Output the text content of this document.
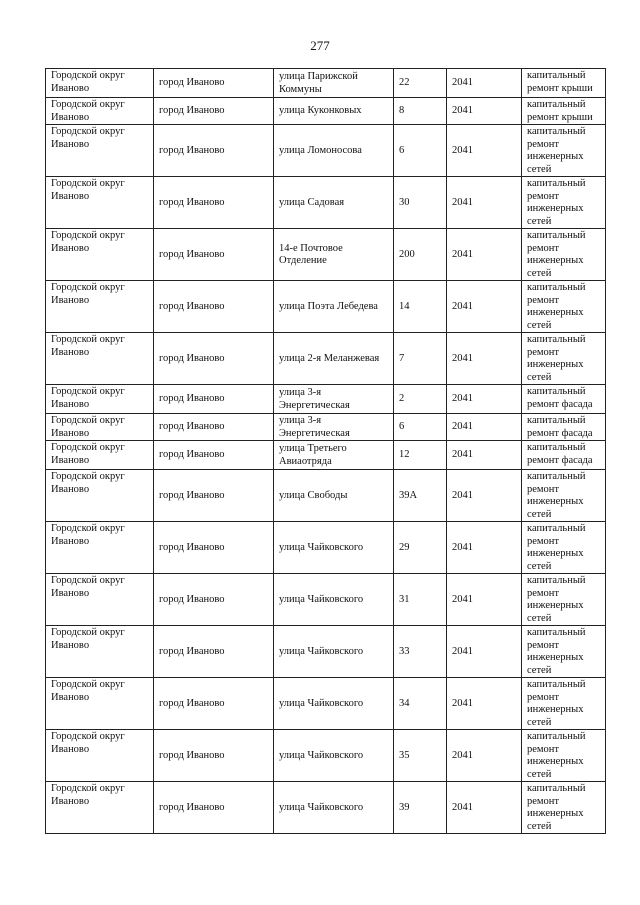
277
Городской округ Иваново	город Иваново	улица Парижской Коммуны	22	2041	капитальный ремонт крыши
Городской округ Иваново	город Иваново	улица Куконковых	8	2041	капитальный ремонт крыши
Городской округ Иваново	город Иваново	улица Ломоносова	6	2041	капитальный ремонт инженерных сетей
Городской округ Иваново	город Иваново	улица Садовая	30	2041	капитальный ремонт инженерных сетей
Городской округ Иваново	город Иваново	14-е Почтовое Отделение	200	2041	капитальный ремонт инженерных сетей
Городской округ Иваново	город Иваново	улица Поэта Лебедева	14	2041	капитальный ремонт инженерных сетей
Городской округ Иваново	город Иваново	улица 2-я Меланжевая	7	2041	капитальный ремонт инженерных сетей
Городской округ Иваново	город Иваново	улица 3-я Энергетическая	2	2041	капитальный ремонт фасада
Городской округ Иваново	город Иваново	улица 3-я Энергетическая	6	2041	капитальный ремонт фасада
Городской округ Иваново	город Иваново	улица Третьего Авиаотряда	12	2041	капитальный ремонт фасада
Городской округ Иваново	город Иваново	улица Свободы	39А	2041	капитальный ремонт инженерных сетей
Городской округ Иваново	город Иваново	улица Чайковского	29	2041	капитальный ремонт инженерных сетей
Городской округ Иваново	город Иваново	улица Чайковского	31	2041	капитальный ремонт инженерных сетей
Городской округ Иваново	город Иваново	улица Чайковского	33	2041	капитальный ремонт инженерных сетей
Городской округ Иваново	город Иваново	улица Чайковского	34	2041	капитальный ремонт инженерных сетей
Городской округ Иваново	город Иваново	улица Чайковского	35	2041	капитальный ремонт инженерных сетей
Городской округ Иваново	город Иваново	улица Чайковского	39	2041	капитальный ремонт инженерных сетей
